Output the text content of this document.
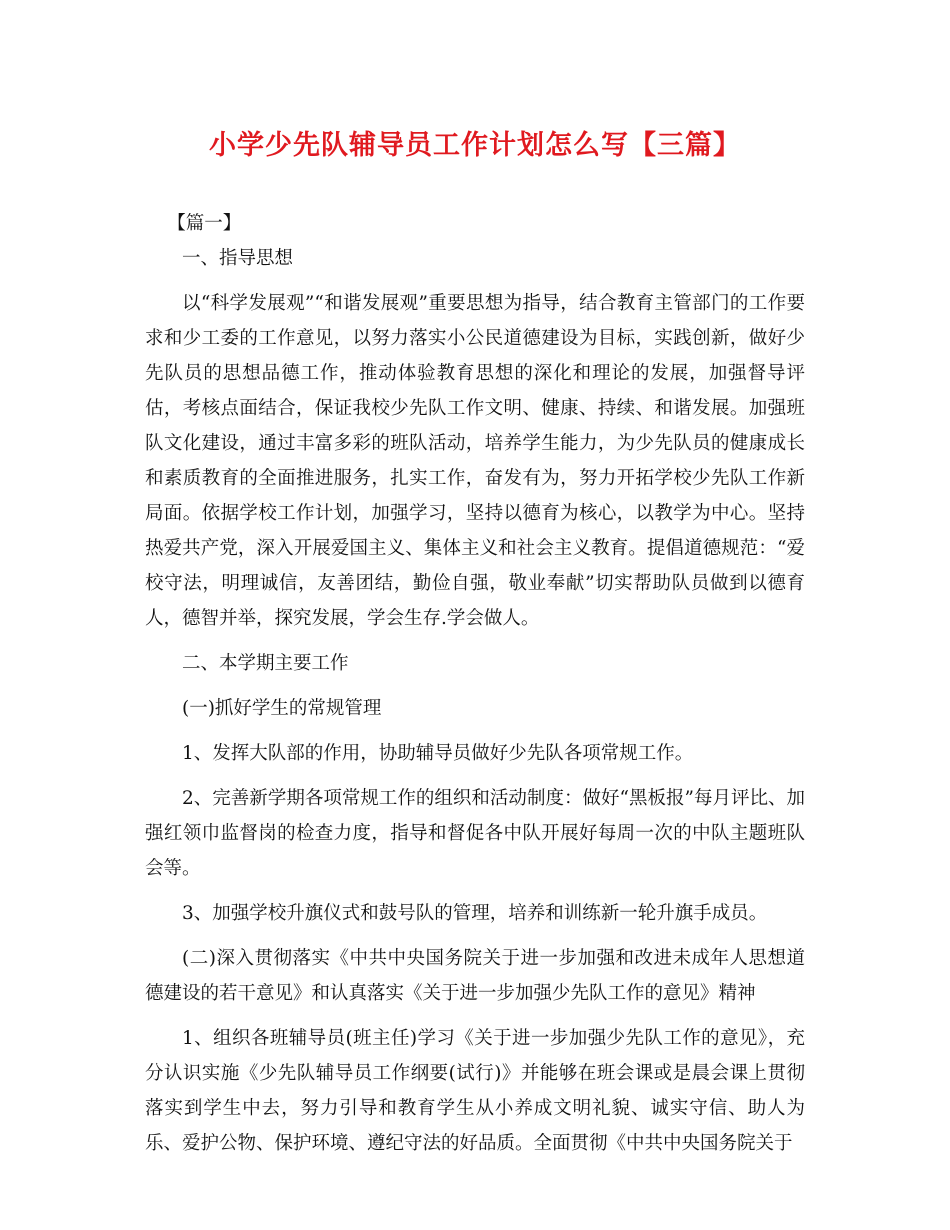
小学少先队辅导员工作计划怎么写【三篇】

【篇一】

一、指导思想

以“科学发展观”“和谐发展观”重要思想为指导，结合教育主管部门的工作要求和少工委的工作意见，以努力落实小公民道德建设为目标，实践创新，做好少先队员的思想品德工作，推动体验教育思想的深化和理论的发展，加强督导评估，考核点面结合，保证我校少先队工作文明、健康、持续、和谐发展。加强班队文化建设，通过丰富多彩的班队活动，培养学生能力，为少先队员的健康成长和素质教育的全面推进服务，扎实工作，奋发有为，努力开拓学校少先队工作新局面。依据学校工作计划，加强学习，坚持以德育为核心，以教学为中心。坚持热爱共产党，深入开展爱国主义、集体主义和社会主义教育。提倡道德规范：“爱校守法，明理诚信，友善团结，勤俭自强，敬业奉献”切实帮助队员做到以德育人，德智并举，探究发展，学会生存.学会做人。

二、本学期主要工作

(一)抓好学生的常规管理

1、发挥大队部的作用，协助辅导员做好少先队各项常规工作。

2、完善新学期各项常规工作的组织和活动制度：做好“黑板报”每月评比、加强红领巾监督岗的检查力度，指导和督促各中队开展好每周一次的中队主题班队会等。

3、加强学校升旗仪式和鼓号队的管理，培养和训练新一轮升旗手成员。

(二)深入贯彻落实《中共中央国务院关于进一步加强和改进未成年人思想道德建设的若干意见》和认真落实《关于进一步加强少先队工作的意见》精神

1、组织各班辅导员(班主任)学习《关于进一步加强少先队工作的意见》，充分认识实施《少先队辅导员工作纲要(试行)》并能够在班会课或是晨会课上贯彻落实到学生中去，努力引导和教育学生从小养成文明礼貌、诚实守信、助人为乐、爱护公物、保护环境、遵纪守法的好品质。全面贯彻《中共中央国务院关于
